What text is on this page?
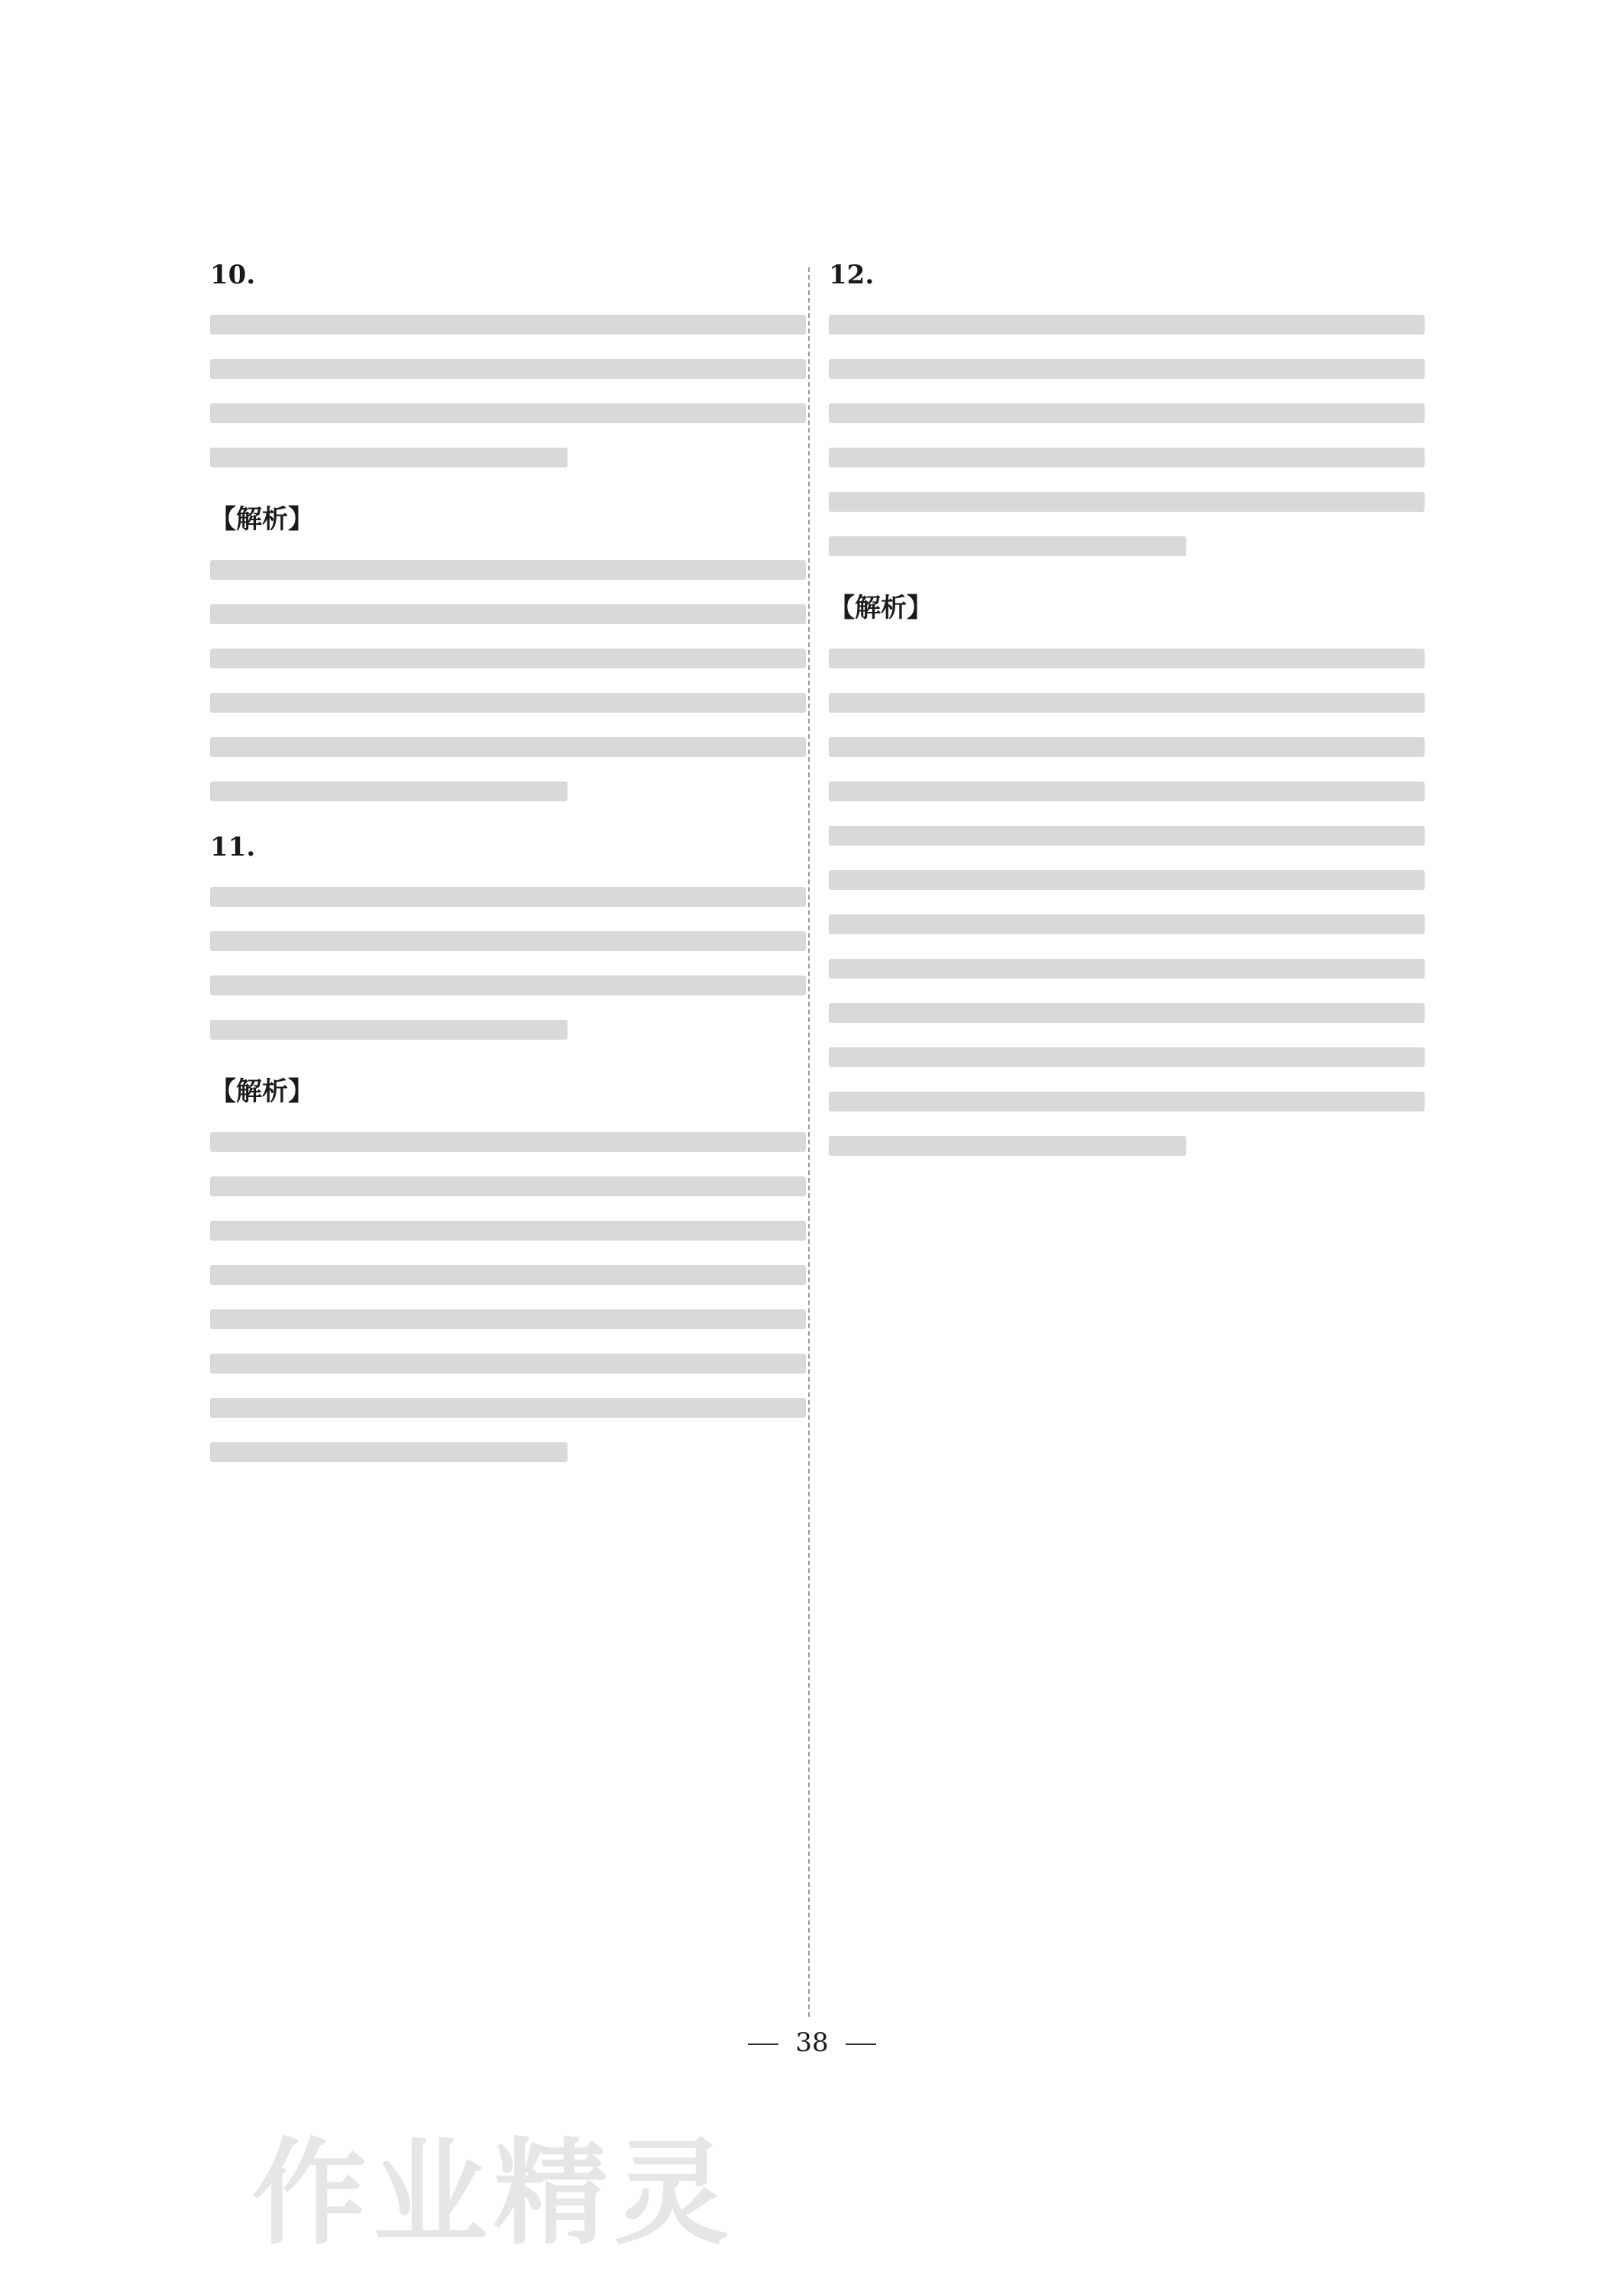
10.
【解析】
11.
【解析】
12.
【解析】
38
作业精灵
